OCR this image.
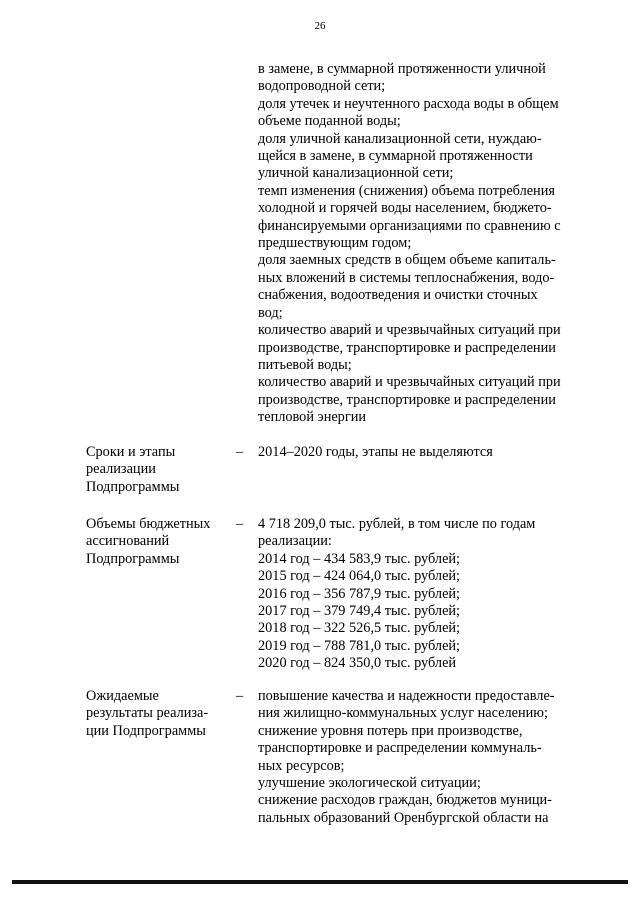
26
в замене, в суммарной протяженности уличной
водопроводной сети;
доля утечек и неучтенного расхода воды в общем
объеме поданной воды;
доля уличной канализационной сети, нуждаю-
щейся в замене, в суммарной протяженности
уличной канализационной сети;
темп изменения (снижения) объема потребления
холодной и горячей воды населением, бюджето-
финансируемыми организациями по сравнению с
предшествующим годом;
доля заемных средств в общем объеме капиталь-
ных вложений в системы теплоснабжения, водо-
снабжения, водоотведения и очистки сточных
вод;
количество аварий и чрезвычайных ситуаций при
производстве, транспортировке и распределении
питьевой воды;
количество аварий и чрезвычайных ситуаций при
производстве, транспортировке и распределении
тепловой энергии
Сроки и этапы
реализации
Подпрограммы
– 2014–2020 годы, этапы не выделяются
Объемы бюджетных
ассигнований
Подпрограммы
– 4 718 209,0 тыс. рублей, в том числе по годам
реализации:
2014 год – 434 583,9 тыс. рублей;
2015 год – 424 064,0 тыс. рублей;
2016 год – 356 787,9 тыс. рублей;
2017 год – 379 749,4 тыс. рублей;
2018 год – 322 526,5 тыс. рублей;
2019 год – 788 781,0 тыс. рублей;
2020 год – 824 350,0 тыс. рублей
Ожидаемые
результаты реализа-
ции Подпрограммы
– повышение качества и надежности предоставле-
ния жилищно-коммунальных услуг населению;
снижение уровня потерь при производстве,
транспортировке и распределении коммуналь-
ных ресурсов;
улучшение экологической ситуации;
снижение расходов граждан, бюджетов муници-
пальных образований Оренбургской области на
